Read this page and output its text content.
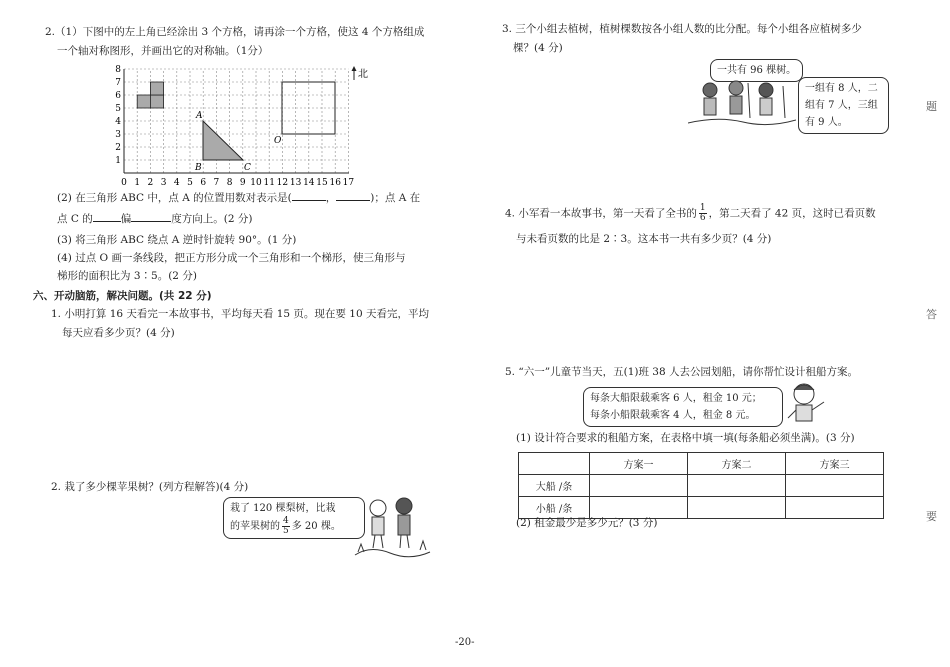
2.（1）下图中的左上角已经涂出 3 个方格，请再涂一个方格，使这 4 个方格组成
一个轴对称图形，并画出它的对称轴。（1分）
A
B	C
O
0 1 2 3 4 5 6 7 8 9 10 11 12 13 14 15 16 17
1
2
3
4
5
6
7
8	北
(2) 在三角形 ABC 中，点 A 的位置用数对表示是(	，	)；点 A 在
点 C 的	偏	度方向上。(2 分)
(3) 将三角形 ABC 绕点 A 逆时针旋转 90°。(1 分)
(4) 过点 O 画一条线段，把正方形分成一个三角形和一个梯形，使三角形与
梯形的面积比为 3∶5。(2 分)
六、开动脑筋，解决问题。(共 22 分)
1. 小明打算 16 天看完一本故事书，平均每天看 15 页。现在要 10 天看完，平均
每天应看多少页？(4 分)
2. 栽了多少棵苹果树？(列方程解答)(4 分)
栽了 120 棵梨树，比栽
的苹果树的 $\frac{4}{5}$ 多 20 棵。
3. 三个小组去植树，植树棵数按各小组人数的比分配。每个小组各应植树多少
棵？(4 分)
一共有 96 棵树。
一组有 8 人，二
组有 7 人，三组
有 9 人。
4. 小军看一本故事书，第一天看了全书的 $\frac{1}{6}$ ，第二天看了 42 页，这时已看页数
与未看页数的比是 2∶3。这本书一共有多少页？(4 分)
5. “六一”儿童节当天，五(1)班 38 人去公园划船，请你帮忙设计租船方案。
每条大船限载乘客 6 人，租金 10 元；
每条小船限载乘客 4 人，租金 8 元。
(1) 设计符合要求的租船方案，在表格中填一填(每条船必须坐满)。(3 分)
	方案一	方案二	方案三
大船 /条			
小船 /条			
(2) 租金最少是多少元？(3 分)
题
答
要
-20-
